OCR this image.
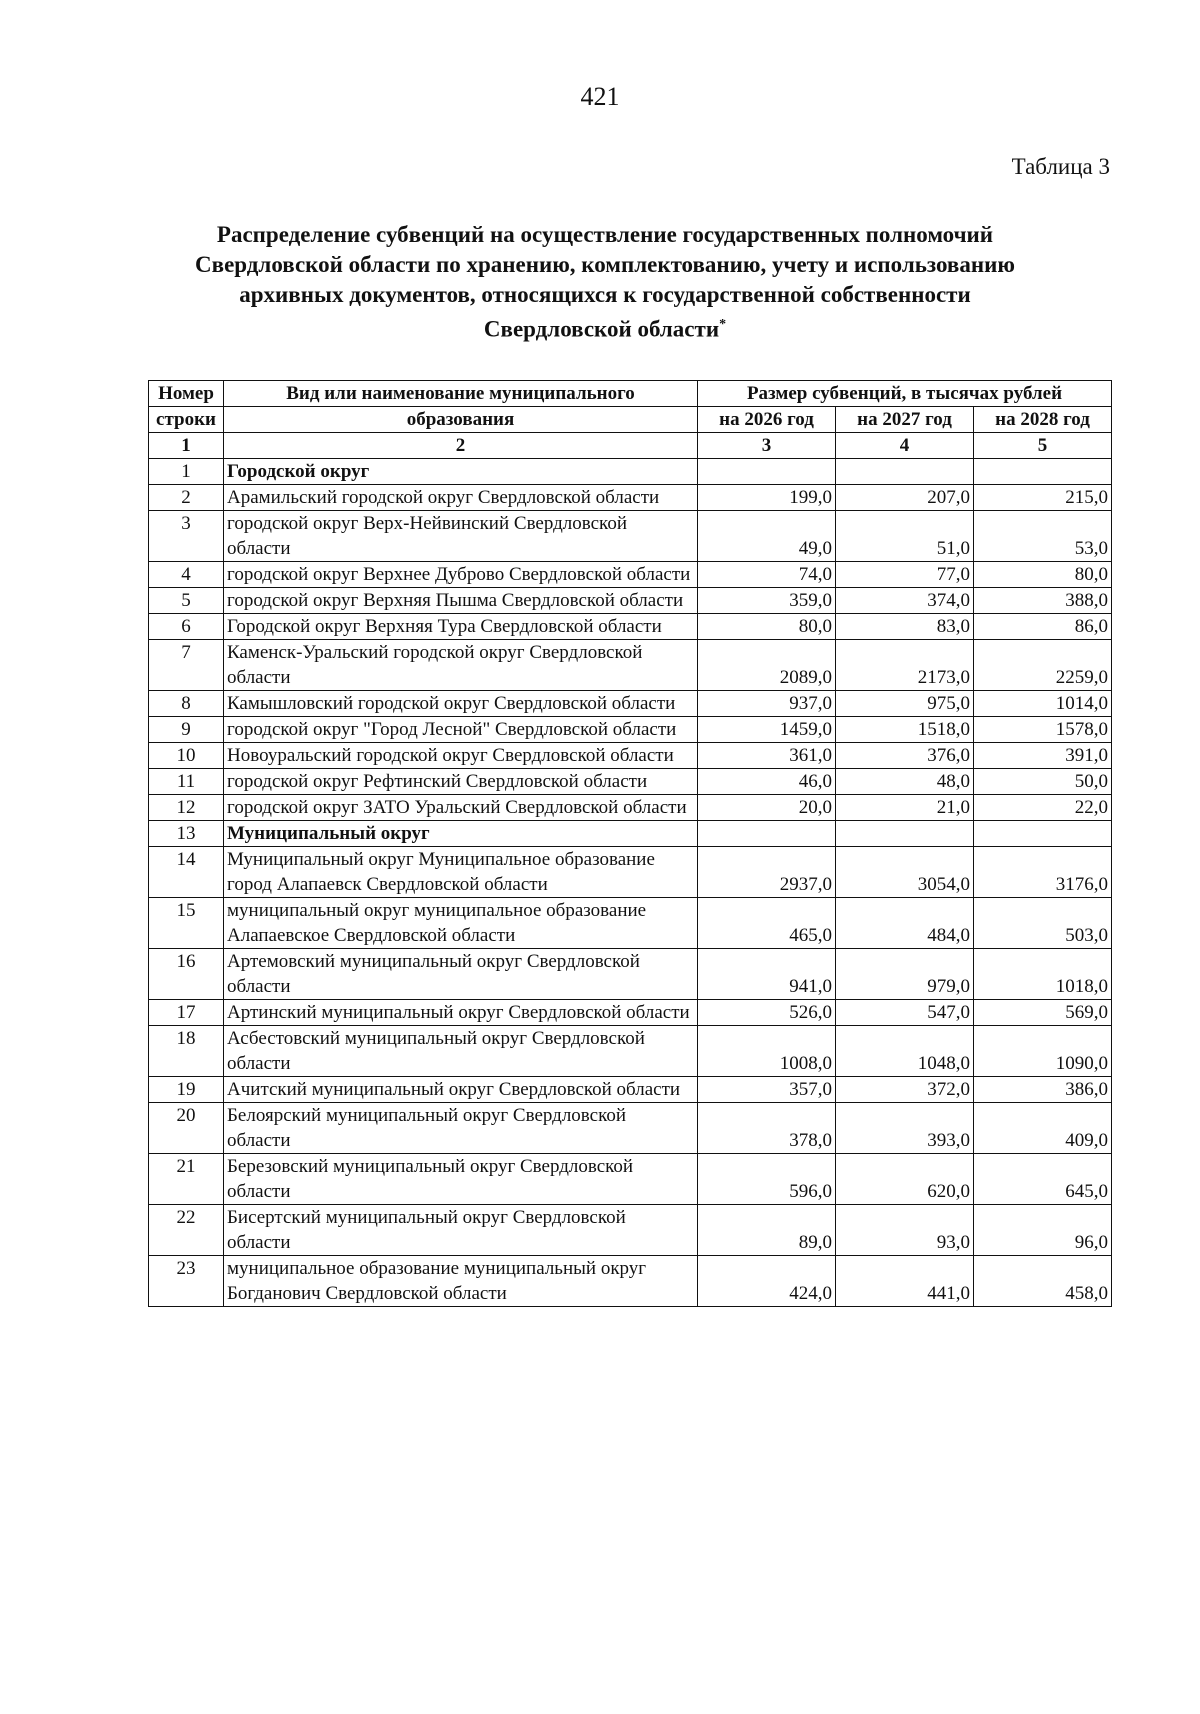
421
Таблица 3
Распределение субвенций на осуществление государственных полномочий
Свердловской области по хранению, комплектованию, учету и использованию
архивных документов, относящихся к государственной собственности
Свердловской области*
Номер	Вид или наименование муниципального	Размер субвенций, в тысячах рублей		
строки	образования	на 2026 год	на 2027 год	на 2028 год
1	2	3	4	5
1	Городской округ			
2	Арамильский городской округ Свердловской области	199,0	207,0	215,0
3	городской округ Верх-Нейвинский Свердловской области	49,0	51,0	53,0
4	городской округ Верхнее Дуброво Свердловской области	74,0	77,0	80,0
5	городской округ Верхняя Пышма Свердловской области	359,0	374,0	388,0
6	Городской округ Верхняя Тура Свердловской области	80,0	83,0	86,0
7	Каменск-Уральский городской округ Свердловской области	2089,0	2173,0	2259,0
8	Камышловский городской округ Свердловской области	937,0	975,0	1014,0
9	городской округ "Город Лесной" Свердловской области	1459,0	1518,0	1578,0
10	Новоуральский городской округ Свердловской области	361,0	376,0	391,0
11	городской округ Рефтинский Свердловской области	46,0	48,0	50,0
12	городской округ ЗАТО Уральский Свердловской области	20,0	21,0	22,0
13	Муниципальный округ			
14	Муниципальный округ Муниципальное образование город Алапаевск Свердловской области	2937,0	3054,0	3176,0
15	муниципальный округ муниципальное образование Алапаевское Свердловской области	465,0	484,0	503,0
16	Артемовский муниципальный округ Свердловской области	941,0	979,0	1018,0
17	Артинский муниципальный округ Свердловской области	526,0	547,0	569,0
18	Асбестовский муниципальный округ Свердловской области	1008,0	1048,0	1090,0
19	Ачитский муниципальный округ Свердловской области	357,0	372,0	386,0
20	Белоярский муниципальный округ Свердловской области	378,0	393,0	409,0
21	Березовский муниципальный округ Свердловской области	596,0	620,0	645,0
22	Бисертский муниципальный округ Свердловской области	89,0	93,0	96,0
23	муниципальное образование муниципальный округ Богданович Свердловской области	424,0	441,0	458,0
